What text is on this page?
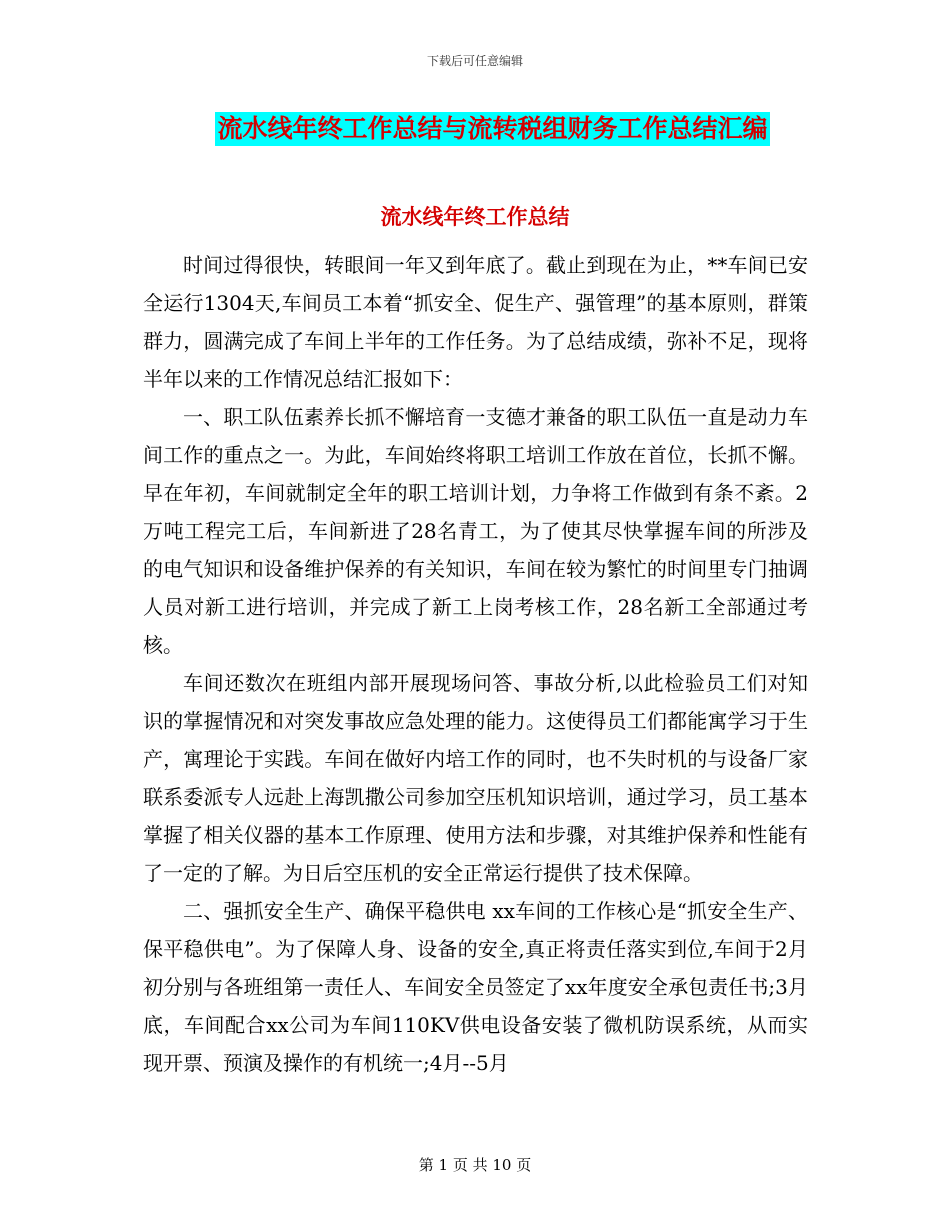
下载后可任意编辑
流水线年终工作总结与流转税组财务工作总结汇编
流水线年终工作总结

时间过得很快，转眼间一年又到年底了。截止到现在为止，**车间已安全运行1304天,车间员工本着“抓安全、促生产、强管理”的基本原则，群策群力，圆满完成了车间上半年的工作任务。为了总结成绩，弥补不足，现将半年以来的工作情况总结汇报如下：

一、职工队伍素养长抓不懈培育一支德才兼备的职工队伍一直是动力车间工作的重点之一。为此，车间始终将职工培训工作放在首位，长抓不懈。早在年初，车间就制定全年的职工培训计划，力争将工作做到有条不紊。2万吨工程完工后，车间新进了28名青工，为了使其尽快掌握车间的所涉及的电气知识和设备维护保养的有关知识，车间在较为繁忙的时间里专门抽调人员对新工进行培训，并完成了新工上岗考核工作，28名新工全部通过考核。

车间还数次在班组内部开展现场问答、事故分析,以此检验员工们对知识的掌握情况和对突发事故应急处理的能力。这使得员工们都能寓学习于生产，寓理论于实践。车间在做好内培工作的同时，也不失时机的与设备厂家联系委派专人远赴上海凯撒公司参加空压机知识培训，通过学习，员工基本掌握了相关仪器的基本工作原理、使用方法和步骤，对其维护保养和性能有了一定的了解。为日后空压机的安全正常运行提供了技术保障。

二、强抓安全生产、确保平稳供电 xx车间的工作核心是“抓安全生产、保平稳供电”。为了保障人身、设备的安全,真正将责任落实到位,车间于2月初分别与各班组第一责任人、车间安全员签定了xx年度安全承包责任书;3月底，车间配合xx公司为车间110KV供电设备安装了微机防误系统，从而实现开票、预演及操作的有机统一;4月--5月

第 1 页 共 10 页
